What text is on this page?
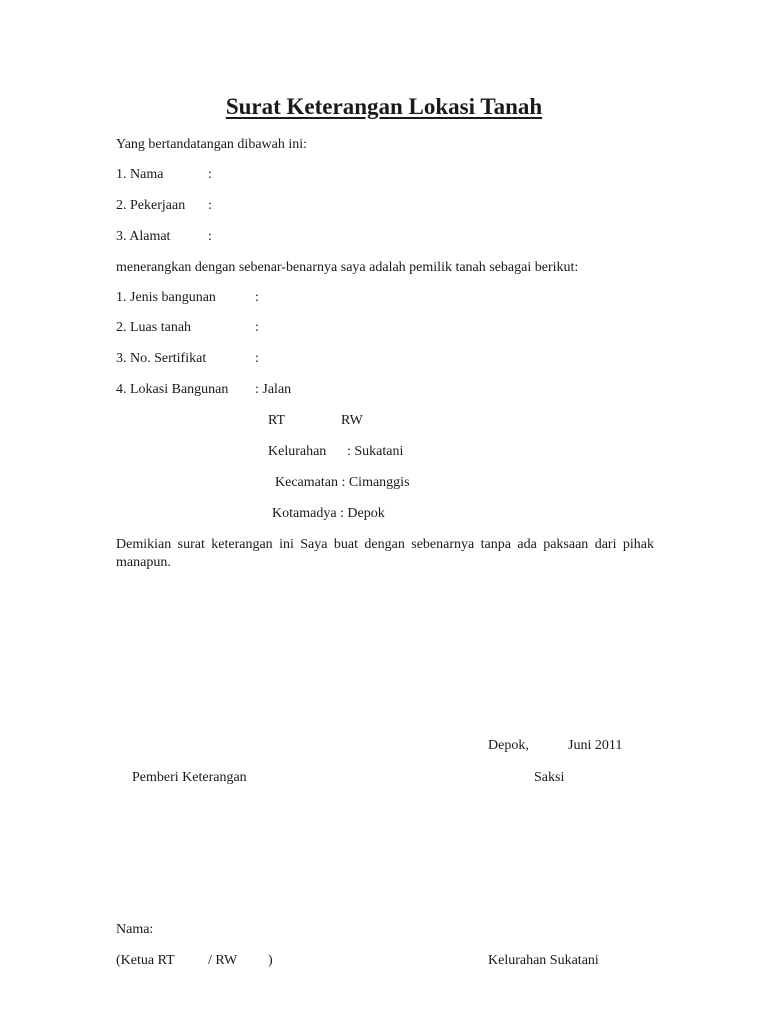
Surat Keterangan Lokasi Tanah
Yang bertandatangan dibawah ini:
1. Nama	:
2. Pekerjaan :
3. Alamat	:
menerangkan dengan sebenar-benarnya saya adalah pemilik tanah sebagai berikut:
1. Jenis bangunan	:
2. Luas tanah	:
3. No. Sertifikat	:
4. Lokasi Bangunan : Jalan
RT	RW
Kelurahan : Sukatani
Kecamatan : Cimanggis
Kotamadya : Depok
Demikian surat keterangan ini Saya buat dengan sebenarnya tanpa ada paksaan dari pihak manapun.
Depok,	Juni 2011
Pemberi Keterangan	Saksi
Nama:
(Ketua RT / RW )	Kelurahan Sukatani
